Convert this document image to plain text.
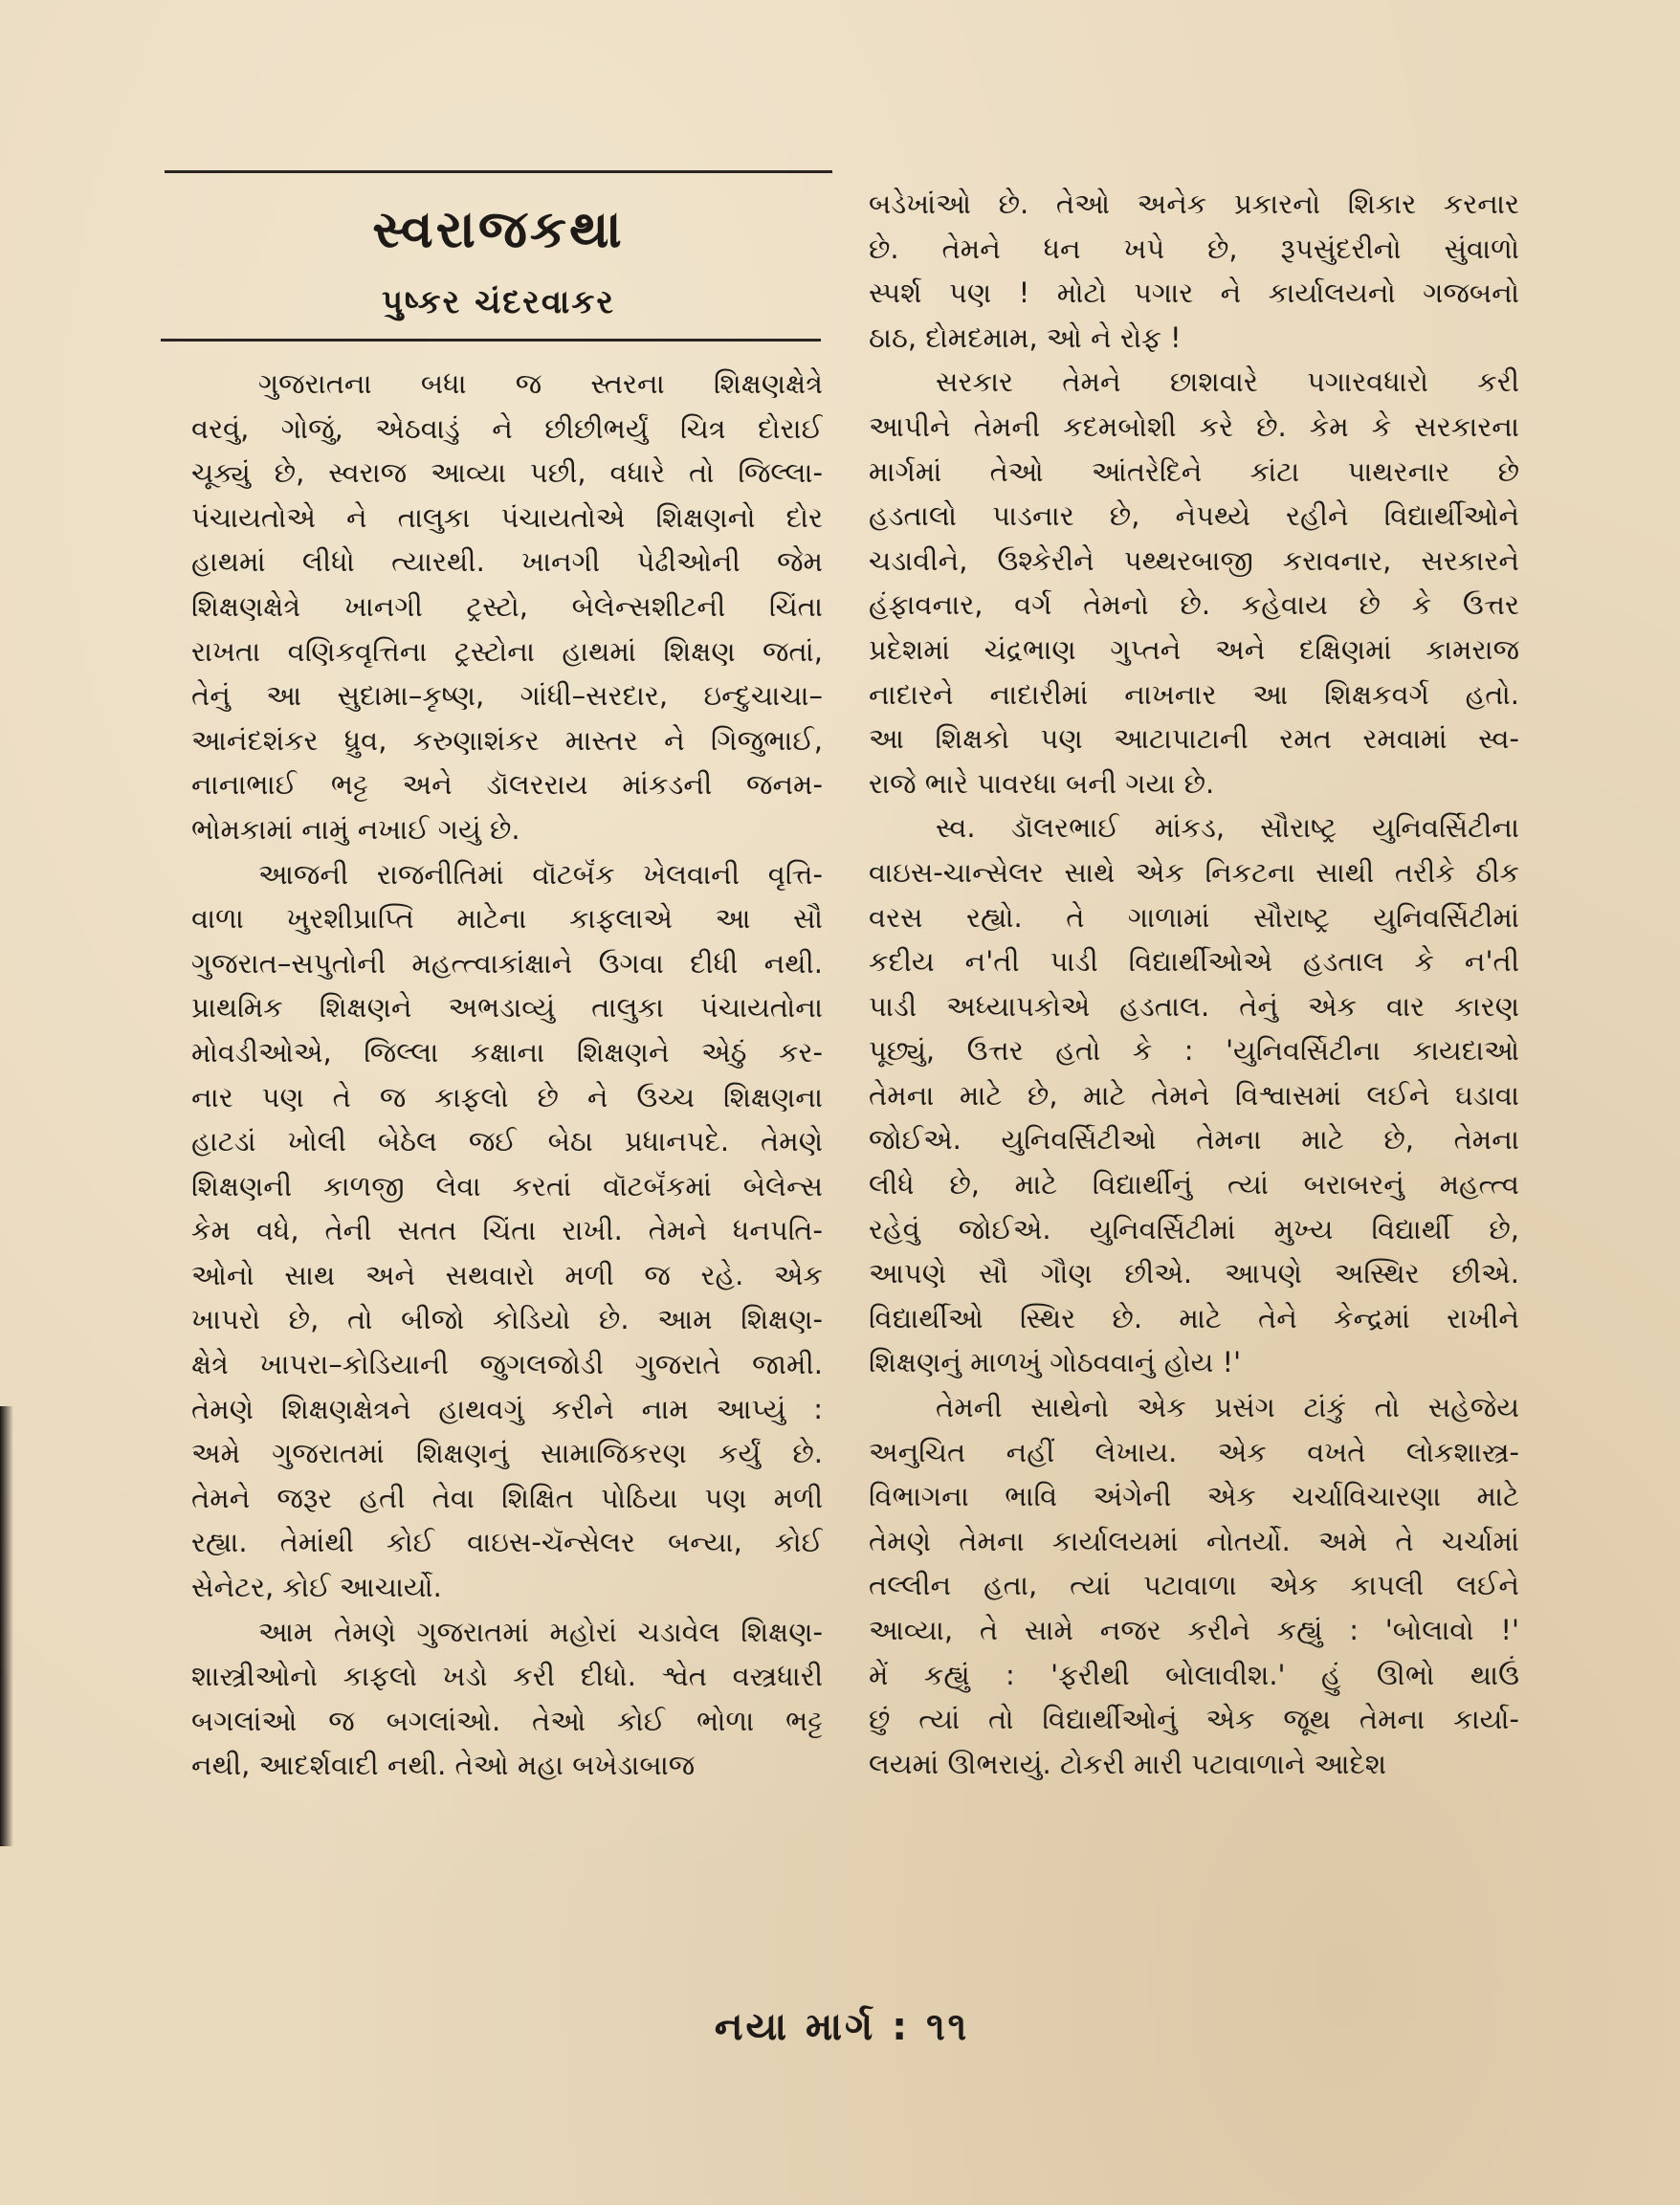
સ્વરાજકથા
પુષ્કર ચંદરવાકર
ગુજરાતના બધા જ સ્તરના શિક્ષણક્ષેત્રે
વરવું, ગોજું, એઠવાડું ને છીછીભર્યું ચિત્ર દોરાઈ
ચૂક્યું છે, સ્વરાજ આવ્યા પછી, વધારે તો જિલ્લા-
પંચાયતોએ ને તાલુકા પંચાયતોએ શિક્ષણનો દોર
હાથમાં લીધો ત્યારથી. ખાનગી પેઢીઓની જેમ
શિક્ષણક્ષેત્રે ખાનગી ટ્રસ્ટો, બેલેન્સશીટની ચિંતા
રાખતા વણિકવૃત્તિના ટ્રસ્ટોના હાથમાં શિક્ષણ જતાં,
તેનું આ સુદામા–કૃષ્ણ, ગાંધી–સરદાર, ઇન્દુચાચા–
આનંદશંકર ધ્રુવ, કરુણાશંકર માસ્તર ને ગિજુભાઈ,
નાનાભાઈ ભટ્ટ અને ડૉલરરાય માંકડની જનમ-
ભોમકામાં નામું નખાઈ ગયું છે.
આજની રાજનીતિમાં વૉટબૅંક ખેલવાની વૃત્તિ-
વાળા ખુરશીપ્રાપ્તિ માટેના કાફલાએ આ સૌ
ગુજરાત–સપુતોની મહત્ત્વાકાંક્ષાને ઉગવા દીધી નથી.
પ્રાથમિક શિક્ષણને અભડાવ્યું તાલુકા પંચાયતોના
મોવડીઓએ, જિલ્લા કક્ષાના શિક્ષણને એઠું કર-
નાર પણ તે જ કાફલો છે ને ઉચ્ચ શિક્ષણના
હાટડાં ખોલી બેઠેલ જઈ બેઠા પ્રધાનપદે. તેમણે
શિક્ષણની કાળજી લેવા કરતાં વૉટબૅંકમાં બેલેન્સ
કેમ વધે, તેની સતત ચિંતા રાખી. તેમને ધનપતિ-
ઓનો સાથ અને સથવારો મળી જ રહે. એક
ખાપરો છે, તો બીજો કોડિયો છે. આમ શિક્ષણ-
ક્ષેત્રે ખાપરા–કોડિયાની જુગલજોડી ગુજરાતે જામી.
તેમણે શિક્ષણક્ષેત્રને હાથવગું કરીને નામ આપ્યું :
અમે ગુજરાતમાં શિક્ષણનું સામાજિકરણ કર્યું છે.
તેમને જરૂર હતી તેવા શિક્ષિત પોઠિયા પણ મળી
રહ્યા. તેમાંથી કોઈ વાઇસ-ચૅન્સેલર બન્યા, કોઈ
સેનેટર, કોઈ આચાર્યો.
આમ તેમણે ગુજરાતમાં મહોરાં ચડાવેલ શિક્ષણ-
શાસ્ત્રીઓનો કાફલો ખડો કરી દીધો. શ્વેત વસ્ત્રધારી
બગલાંઓ જ બગલાંઓ. તેઓ કોઈ ભોળા ભટ્ટ
નથી, આદર્શવાદી નથી. તેઓ મહા બખેડાબાજ
બડેખાંઓ છે. તેઓ અનેક પ્રકારનો શિકાર કરનાર
છે. તેમને ધન ખપે છે, રૂપસુંદરીનો સુંવાળો
સ્પર્શ પણ ! મોટો પગાર ને કાર્યાલયનો ગજબનો
ઠાઠ, દોમદમામ, ઓ ને રોફ !
સરકાર તેમને છાશવારે પગારવધારો કરી
આપીને તેમની કદમબોશી કરે છે. કેમ કે સરકારના
માર્ગમાં તેઓ આંતરેદિને કાંટા પાથરનાર છે
હડતાલો પાડનાર છે, નેપથ્યે રહીને વિદ્યાર્થીઓને
ચડાવીને, ઉશ્કેરીને પથ્થરબાજી કરાવનાર, સરકારને
હંફાવનાર, વર્ગ તેમનો છે. કહેવાય છે કે ઉત્તર
પ્રદેશમાં ચંદ્રભાણ ગુપ્તને અને દક્ષિણમાં કામરાજ
નાદારને નાદારીમાં નાખનાર આ શિક્ષકવર્ગ હતો.
આ શિક્ષકો પણ આટાપાટાની રમત રમવામાં સ્વ-
રાજે ભારે પાવરધા બની ગયા છે.
સ્વ. ડૉલરભાઈ માંકડ, સૌરાષ્ટ્ર યુનિવર્સિટીના
વાઇસ-ચાન્સેલર સાથે એક નિકટના સાથી તરીકે ઠીક
વરસ રહ્યો. તે ગાળામાં સૌરાષ્ટ્ર યુનિવર્સિટીમાં
કદીય ન'તી પાડી વિદ્યાર્થીઓએ હડતાલ કે ન'તી
પાડી અધ્યાપકોએ હડતાલ. તેનું એક વાર કારણ
પૂછ્યું, ઉત્તર હતો કે : 'યુનિવર્સિટીના કાયદાઓ
તેમના માટે છે, માટે તેમને વિશ્વાસમાં લઈને ઘડાવા
જોઈએ. યુનિવર્સિટીઓ તેમના માટે છે, તેમના
લીધે છે, માટે વિદ્યાર્થીનું ત્યાં બરાબરનું મહત્ત્વ
રહેવું જોઈએ. યુનિવર્સિટીમાં મુખ્ય વિદ્યાર્થી છે,
આપણે સૌ ગૌણ છીએ. આપણે અસ્થિર છીએ.
વિદ્યાર્થીઓ સ્થિર છે. માટે તેને કેન્દ્રમાં રાખીને
શિક્ષણનું માળખું ગોઠવવાનું હોય !'
તેમની સાથેનો એક પ્રસંગ ટાંકું તો સહેજેય
અનુચિત નહીં લેખાય. એક વખતે લોકશાસ્ત્ર-
વિભાગના ભાવિ અંગેની એક ચર્ચાવિચારણા માટે
તેમણે તેમના કાર્યાલયમાં નોતર્યો. અમે તે ચર્ચામાં
તલ્લીન હતા, ત્યાં પટાવાળા એક કાપલી લઈને
આવ્યા, તે સામે નજર કરીને કહ્યું : 'બોલાવો !'
મેં કહ્યું : 'ફરીથી બોલાવીશ.' હું ઊભો થાઉં
છું ત્યાં તો વિદ્યાર્થીઓનું એક જૂથ તેમના કાર્યા-
લયમાં ઊભરાયું. ટોકરી મારી પટાવાળાને આદેશ
નયા માર્ગ : ૧૧
